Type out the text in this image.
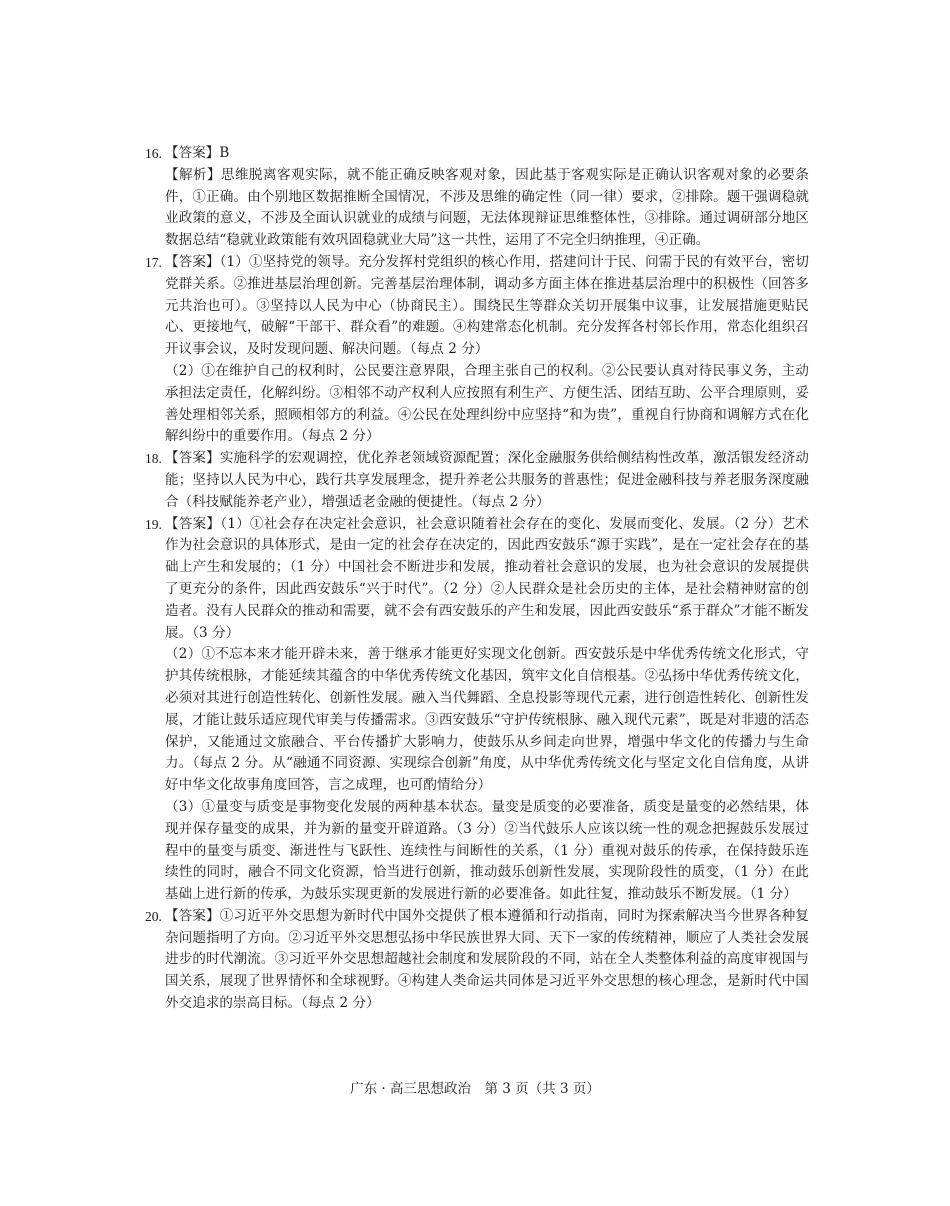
16. 【答案】B

【解析】思维脱离客观实际，就不能正确反映客观对象，因此基于客观实际是正确认识客观对象的必要条件，①正确。由个别地区数据推断全国情况，不涉及思维的确定性（同一律）要求，②排除。题干强调稳就业政策的意义，不涉及全面认识就业的成绩与问题，无法体现辩证思维整体性，③排除。通过调研部分地区数据总结“稳就业政策能有效巩固稳就业大局”这一共性，运用了不完全归纳推理，④正确。

17. 【答案】（1）①坚持党的领导。充分发挥村党组织的核心作用，搭建问计于民、问需于民的有效平台，密切党群关系。②推进基层治理创新。完善基层治理体制，调动多方面主体在推进基层治理中的积极性（回答多元共治也可）。③坚持以人民为中心（协商民主）。围绕民生等群众关切开展集中议事，让发展措施更贴民心、更接地气，破解“干部干、群众看”的难题。④构建常态化机制。充分发挥各村邻长作用，常态化组织召开议事会议，及时发现问题、解决问题。（每点 2 分）

（2）①在维护自己的权利时，公民要注意界限，合理主张自己的权利。②公民要认真对待民事义务，主动承担法定责任，化解纠纷。③相邻不动产权利人应按照有利生产、方便生活、团结互助、公平合理原则，妥善处理相邻关系，照顾相邻方的利益。④公民在处理纠纷中应坚持“和为贵”，重视自行协商和调解方式在化解纠纷中的重要作用。（每点 2 分）

18. 【答案】实施科学的宏观调控，优化养老领域资源配置；深化金融服务供给侧结构性改革，激活银发经济动能；坚持以人民为中心，践行共享发展理念，提升养老公共服务的普惠性；促进金融科技与养老服务深度融合（科技赋能养老产业），增强适老金融的便捷性。（每点 2 分）

19. 【答案】（1）①社会存在决定社会意识，社会意识随着社会存在的变化、发展而变化、发展。（2 分）艺术作为社会意识的具体形式，是由一定的社会存在决定的，因此西安鼓乐“源于实践”，是在一定社会存在的基础上产生和发展的；（1 分）中国社会不断进步和发展，推动着社会意识的发展，也为社会意识的发展提供了更充分的条件，因此西安鼓乐“兴于时代”。（2 分）②人民群众是社会历史的主体，是社会精神财富的创造者。没有人民群众的推动和需要，就不会有西安鼓乐的产生和发展，因此西安鼓乐“系于群众”才能不断发展。（3 分）

（2）①不忘本来才能开辟未来，善于继承才能更好实现文化创新。西安鼓乐是中华优秀传统文化形式，守护其传统根脉，才能延续其蕴含的中华优秀传统文化基因，筑牢文化自信根基。②弘扬中华优秀传统文化，必须对其进行创造性转化、创新性发展。融入当代舞蹈、全息投影等现代元素，进行创造性转化、创新性发展，才能让鼓乐适应现代审美与传播需求。③西安鼓乐“守护传统根脉、融入现代元素”，既是对非遗的活态保护，又能通过文旅融合、平台传播扩大影响力，使鼓乐从乡间走向世界，增强中华文化的传播力与生命力。（每点 2 分。从“融通不同资源、实现综合创新”角度，从中华优秀传统文化与坚定文化自信角度，从讲好中华文化故事角度回答，言之成理，也可酌情给分）

（3）①量变与质变是事物变化发展的两种基本状态。量变是质变的必要准备，质变是量变的必然结果，体现并保存量变的成果，并为新的量变开辟道路。（3 分）②当代鼓乐人应该以统一性的观念把握鼓乐发展过程中的量变与质变、渐进性与飞跃性、连续性与间断性的关系，（1 分）重视对鼓乐的传承，在保持鼓乐连续性的同时，融合不同文化资源，恰当进行创新，推动鼓乐创新性发展，实现阶段性的质变，（1 分）在此基础上进行新的传承，为鼓乐实现更新的发展进行新的必要准备。如此往复，推动鼓乐不断发展。（1 分）

20. 【答案】①习近平外交思想为新时代中国外交提供了根本遵循和行动指南，同时为探索解决当今世界各种复杂问题指明了方向。②习近平外交思想弘扬中华民族世界大同、天下一家的传统精神，顺应了人类社会发展进步的时代潮流。③习近平外交思想超越社会制度和发展阶段的不同，站在全人类整体利益的高度审视国与国关系，展现了世界情怀和全球视野。④构建人类命运共同体是习近平外交思想的核心理念，是新时代中国外交追求的崇高目标。（每点 2 分）

广东 · 高三思想政治　第 3 页（共 3 页）
